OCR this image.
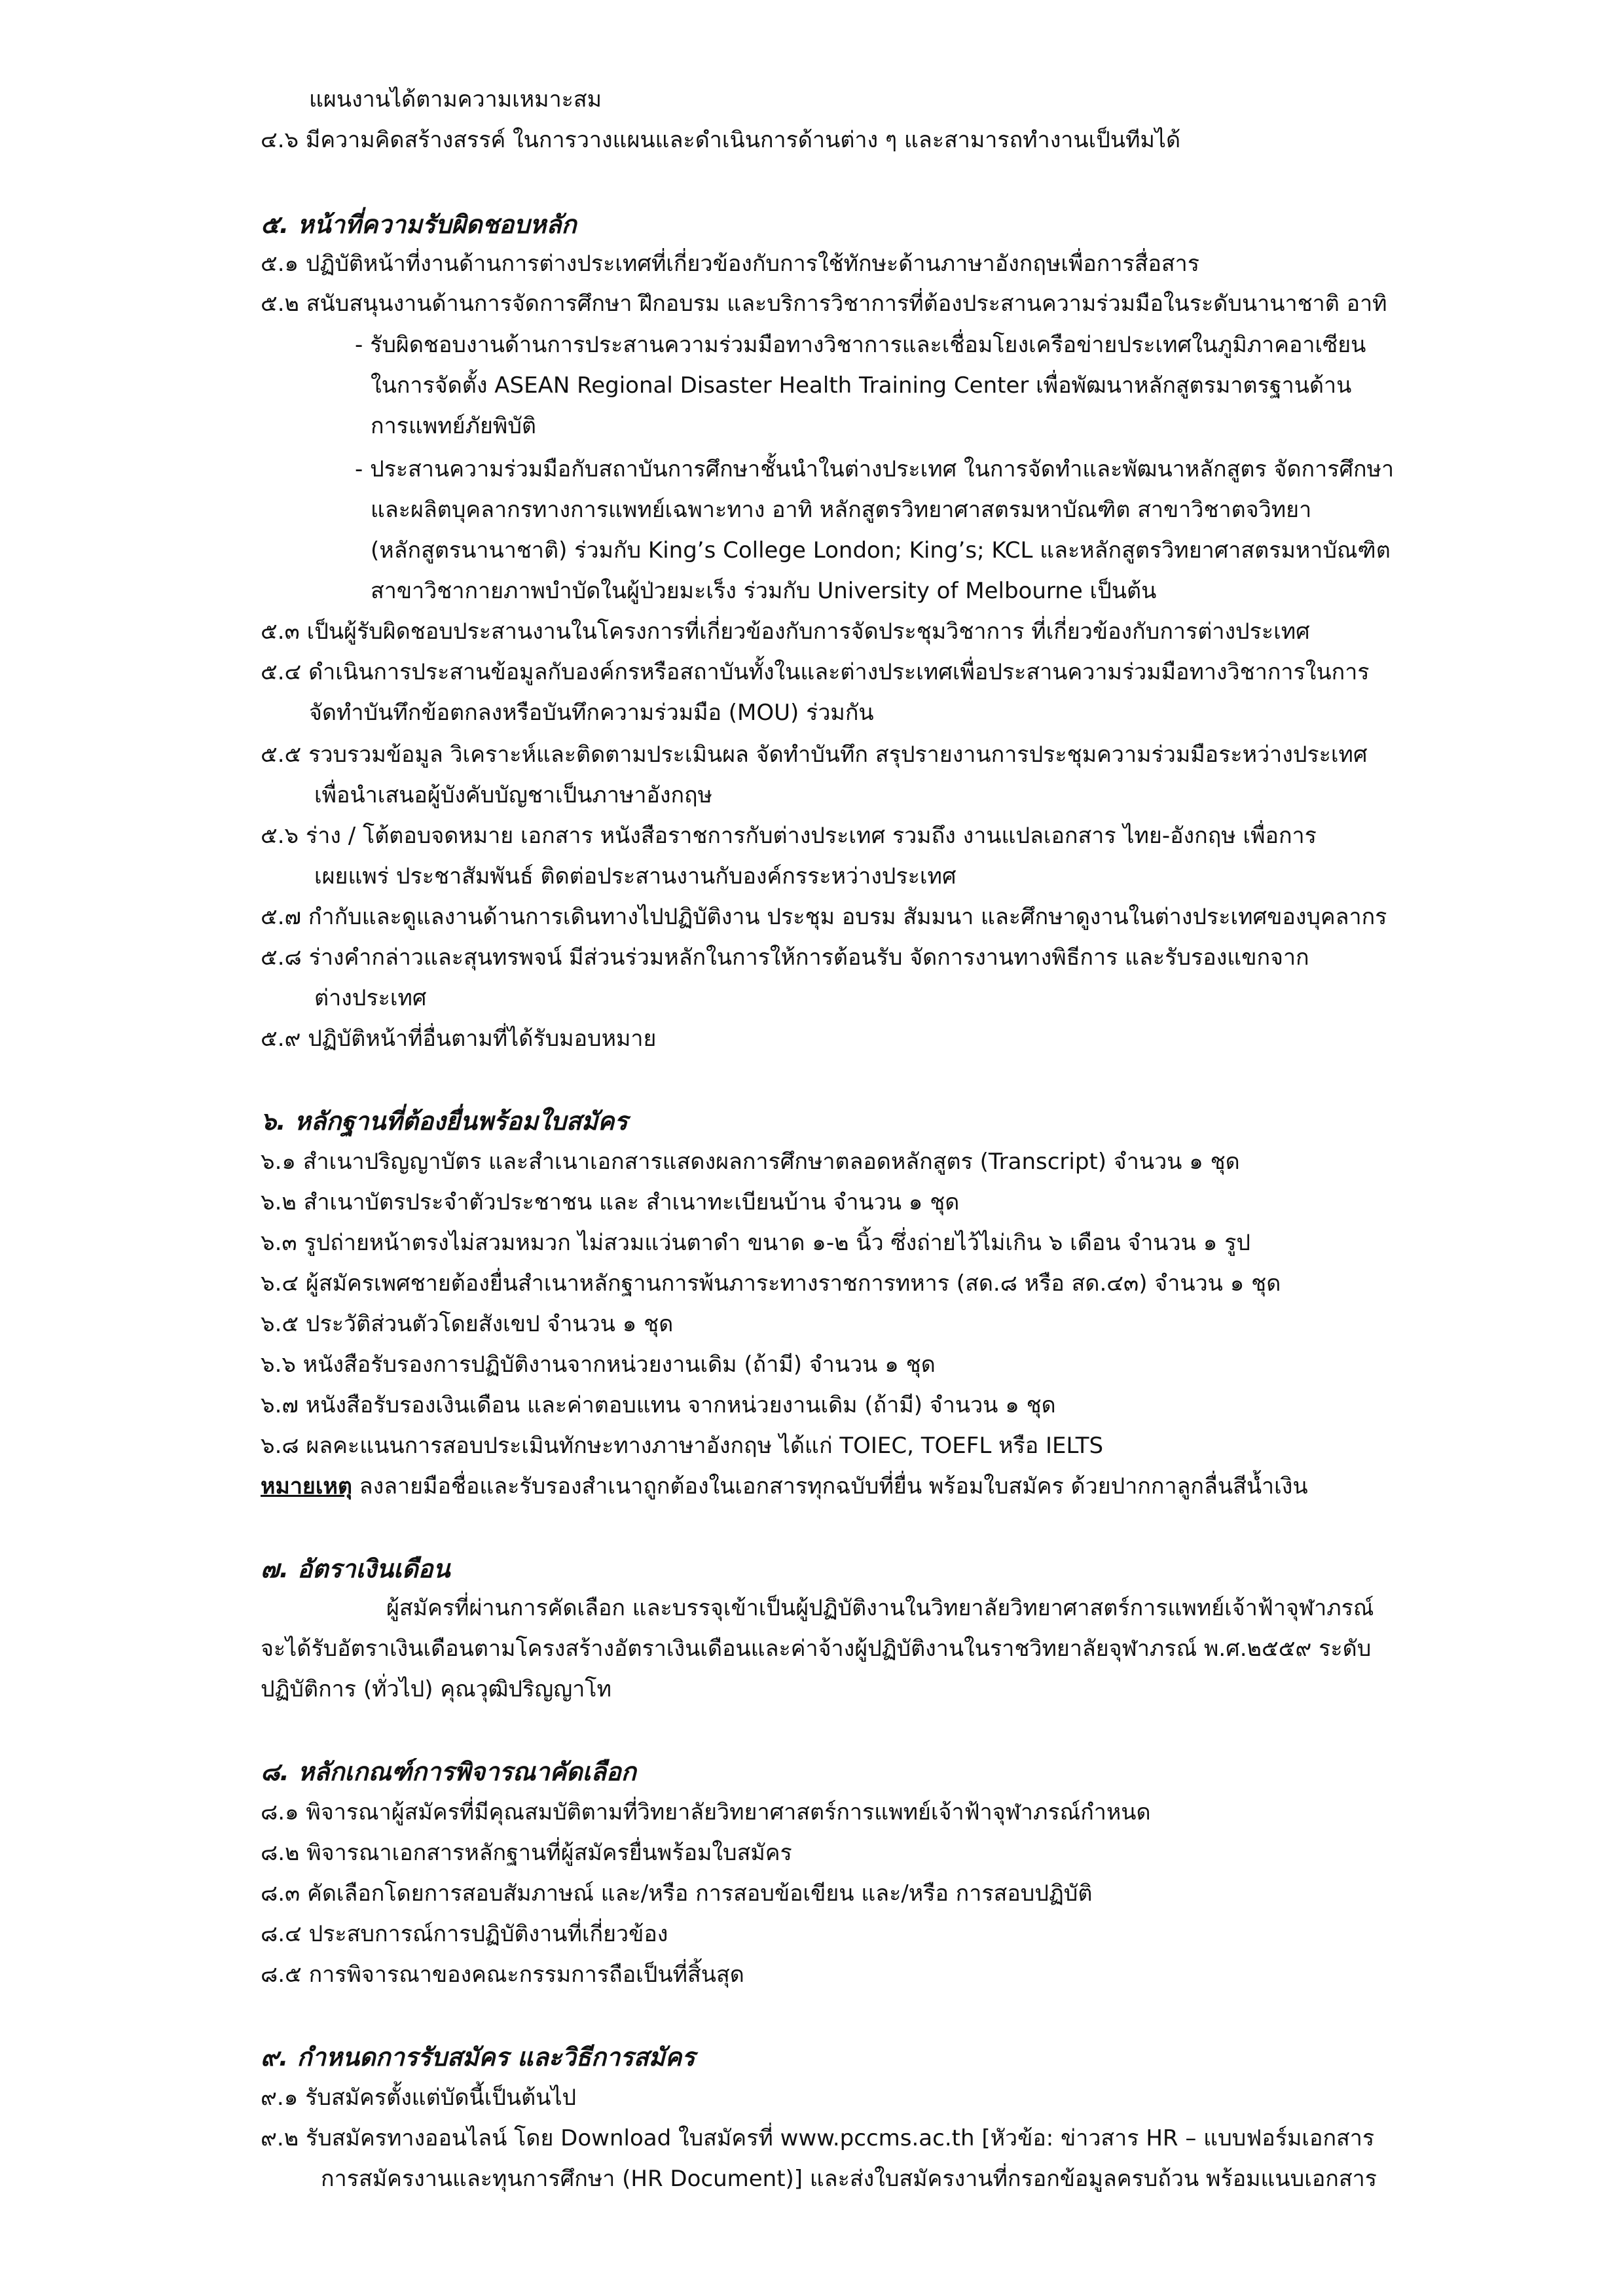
แผนงานได้ตามความเหมาะสม
๔.๖ มีความคิดสร้างสรรค์ ในการวางแผนและดำเนินการด้านต่าง ๆ และสามารถทำงานเป็นทีมได้
๕. หน้าที่ความรับผิดชอบหลัก
๕.๑ ปฏิบัติหน้าที่งานด้านการต่างประเทศที่เกี่ยวข้องกับการใช้ทักษะด้านภาษาอังกฤษเพื่อการสื่อสาร
๕.๒ สนับสนุนงานด้านการจัดการศึกษา ฝึกอบรม และบริการวิชาการที่ต้องประสานความร่วมมือในระดับนานาชาติ อาทิ
- รับผิดชอบงานด้านการประสานความร่วมมือทางวิชาการและเชื่อมโยงเครือข่ายประเทศในภูมิภาคอาเซียน
ในการจัดตั้ง ASEAN Regional Disaster Health Training Center เพื่อพัฒนาหลักสูตรมาตรฐานด้าน
การแพทย์ภัยพิบัติ
- ประสานความร่วมมือกับสถาบันการศึกษาชั้นนำในต่างประเทศ ในการจัดทำและพัฒนาหลักสูตร จัดการศึกษา
และผลิตบุคลากรทางการแพทย์เฉพาะทาง อาทิ หลักสูตรวิทยาศาสตรมหาบัณฑิต สาขาวิชาตจวิทยา
(หลักสูตรนานาชาติ) ร่วมกับ King’s College London; King’s; KCL และหลักสูตรวิทยาศาสตรมหาบัณฑิต
สาขาวิชากายภาพบำบัดในผู้ป่วยมะเร็ง ร่วมกับ University of Melbourne เป็นต้น
๕.๓ เป็นผู้รับผิดชอบประสานงานในโครงการที่เกี่ยวข้องกับการจัดประชุมวิชาการ ที่เกี่ยวข้องกับการต่างประเทศ
๕.๔ ดำเนินการประสานข้อมูลกับองค์กรหรือสถาบันทั้งในและต่างประเทศเพื่อประสานความร่วมมือทางวิชาการในการ
จัดทำบันทึกข้อตกลงหรือบันทึกความร่วมมือ (MOU) ร่วมกัน
๕.๕ รวบรวมข้อมูล วิเคราะห์และติดตามประเมินผล จัดทำบันทึก สรุปรายงานการประชุมความร่วมมือระหว่างประเทศ
เพื่อนำเสนอผู้บังคับบัญชาเป็นภาษาอังกฤษ
๕.๖ ร่าง / โต้ตอบจดหมาย เอกสาร หนังสือราชการกับต่างประเทศ รวมถึง งานแปลเอกสาร ไทย-อังกฤษ เพื่อการ
เผยแพร่ ประชาสัมพันธ์ ติดต่อประสานงานกับองค์กรระหว่างประเทศ
๕.๗ กำกับและดูแลงานด้านการเดินทางไปปฏิบัติงาน ประชุม อบรม สัมมนา และศึกษาดูงานในต่างประเทศของบุคลากร
๕.๘ ร่างคำกล่าวและสุนทรพจน์ มีส่วนร่วมหลักในการให้การต้อนรับ จัดการงานทางพิธีการ และรับรองแขกจาก
ต่างประเทศ
๕.๙ ปฏิบัติหน้าที่อื่นตามที่ได้รับมอบหมาย
๖. หลักฐานที่ต้องยื่นพร้อมใบสมัคร
๖.๑ สำเนาปริญญาบัตร และสำเนาเอกสารแสดงผลการศึกษาตลอดหลักสูตร (Transcript) จำนวน ๑ ชุด
๖.๒ สำเนาบัตรประจำตัวประชาชน และ สำเนาทะเบียนบ้าน จำนวน ๑ ชุด
๖.๓ รูปถ่ายหน้าตรงไม่สวมหมวก ไม่สวมแว่นตาดำ ขนาด ๑-๒ นิ้ว ซึ่งถ่ายไว้ไม่เกิน ๖ เดือน จำนวน ๑ รูป
๖.๔ ผู้สมัครเพศชายต้องยื่นสำเนาหลักฐานการพ้นภาระทางราชการทหาร (สด.๘ หรือ สด.๔๓) จำนวน ๑ ชุด
๖.๕ ประวัติส่วนตัวโดยสังเขป จำนวน ๑ ชุด
๖.๖ หนังสือรับรองการปฏิบัติงานจากหน่วยงานเดิม (ถ้ามี) จำนวน ๑ ชุด
๖.๗ หนังสือรับรองเงินเดือน และค่าตอบแทน จากหน่วยงานเดิม (ถ้ามี) จำนวน ๑ ชุด
๖.๘ ผลคะแนนการสอบประเมินทักษะทางภาษาอังกฤษ ได้แก่ TOIEC, TOEFL หรือ IELTS
หมายเหตุ ลงลายมือชื่อและรับรองสำเนาถูกต้องในเอกสารทุกฉบับที่ยื่น พร้อมใบสมัคร ด้วยปากกาลูกลื่นสีน้ำเงิน
๗. อัตราเงินเดือน
ผู้สมัครที่ผ่านการคัดเลือก และบรรจุเข้าเป็นผู้ปฏิบัติงานในวิทยาลัยวิทยาศาสตร์การแพทย์เจ้าฟ้าจุฬาภรณ์
จะได้รับอัตราเงินเดือนตามโครงสร้างอัตราเงินเดือนและค่าจ้างผู้ปฏิบัติงานในราชวิทยาลัยจุฬาภรณ์ พ.ศ.๒๕๕๙ ระดับ
ปฏิบัติการ (ทั่วไป) คุณวุฒิปริญญาโท
๘. หลักเกณฑ์การพิจารณาคัดเลือก
๘.๑ พิจารณาผู้สมัครที่มีคุณสมบัติตามที่วิทยาลัยวิทยาศาสตร์การแพทย์เจ้าฟ้าจุฬาภรณ์กำหนด
๘.๒ พิจารณาเอกสารหลักฐานที่ผู้สมัครยื่นพร้อมใบสมัคร
๘.๓ คัดเลือกโดยการสอบสัมภาษณ์ และ/หรือ การสอบข้อเขียน และ/หรือ การสอบปฏิบัติ
๘.๔ ประสบการณ์การปฏิบัติงานที่เกี่ยวข้อง
๘.๕ การพิจารณาของคณะกรรมการถือเป็นที่สิ้นสุด
๙. กำหนดการรับสมัคร และวิธีการสมัคร
๙.๑ รับสมัครตั้งแต่บัดนี้เป็นต้นไป
๙.๒ รับสมัครทางออนไลน์ โดย Download ใบสมัครที่ www.pccms.ac.th [หัวข้อ: ข่าวสาร HR – แบบฟอร์มเอกสาร
การสมัครงานและทุนการศึกษา (HR Document)] และส่งใบสมัครงานที่กรอกข้อมูลครบถ้วน พร้อมแนบเอกสาร
